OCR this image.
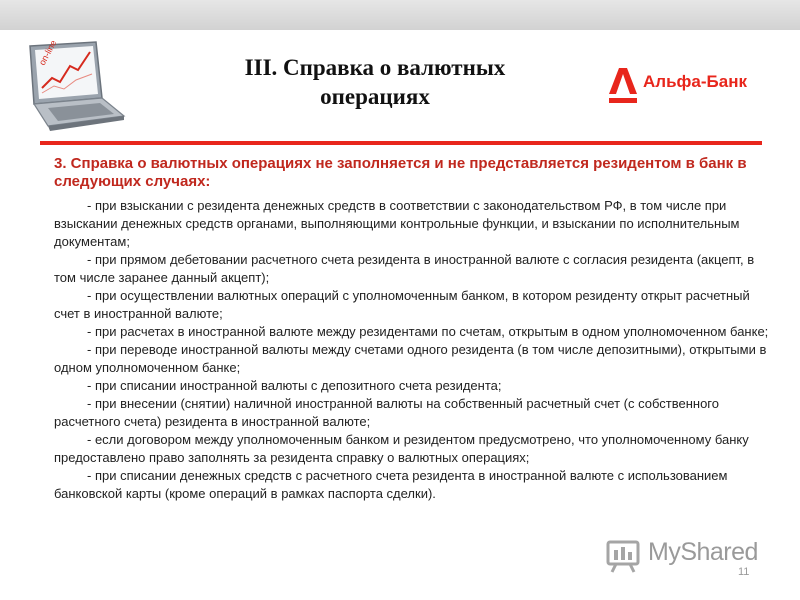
on-line
III. Справка о валютных
операциях
Альфа-Банк
3. Справка о валютных операциях не заполняется и не представляется резидентом в банк в следующих случаях:

- при взыскании с резидента денежных средств в соответствии с законодательством РФ, в том числе при взыскании денежных средств органами, выполняющими контрольные функции, и взыскании по исполнительным документам;

- при прямом дебетовании расчетного счета резидента в иностранной валюте с согласия резидента (акцепт, в том числе заранее данный акцепт);

- при осуществлении валютных операций с уполномоченным банком, в котором резиденту открыт расчетный счет в иностранной валюте;

- при расчетах в иностранной валюте между резидентами по счетам, открытым в одном уполномоченном банке;

- при переводе иностранной валюты между счетами одного резидента (в том числе депозитными), открытыми в одном уполномоченном банке;

- при списании иностранной валюты с депозитного счета резидента;

- при внесении (снятии) наличной иностранной валюты на собственный расчетный счет (с собственного расчетного счета) резидента в иностранной валюте;

- если договором между уполномоченным банком и резидентом предусмотрено, что уполномоченному банку предоставлено право заполнять за резидента справку о валютных операциях;

- при списании денежных средств с расчетного счета резидента в иностранной валюте с использованием банковской карты (кроме операций в рамках паспорта сделки).

MyShared
11
